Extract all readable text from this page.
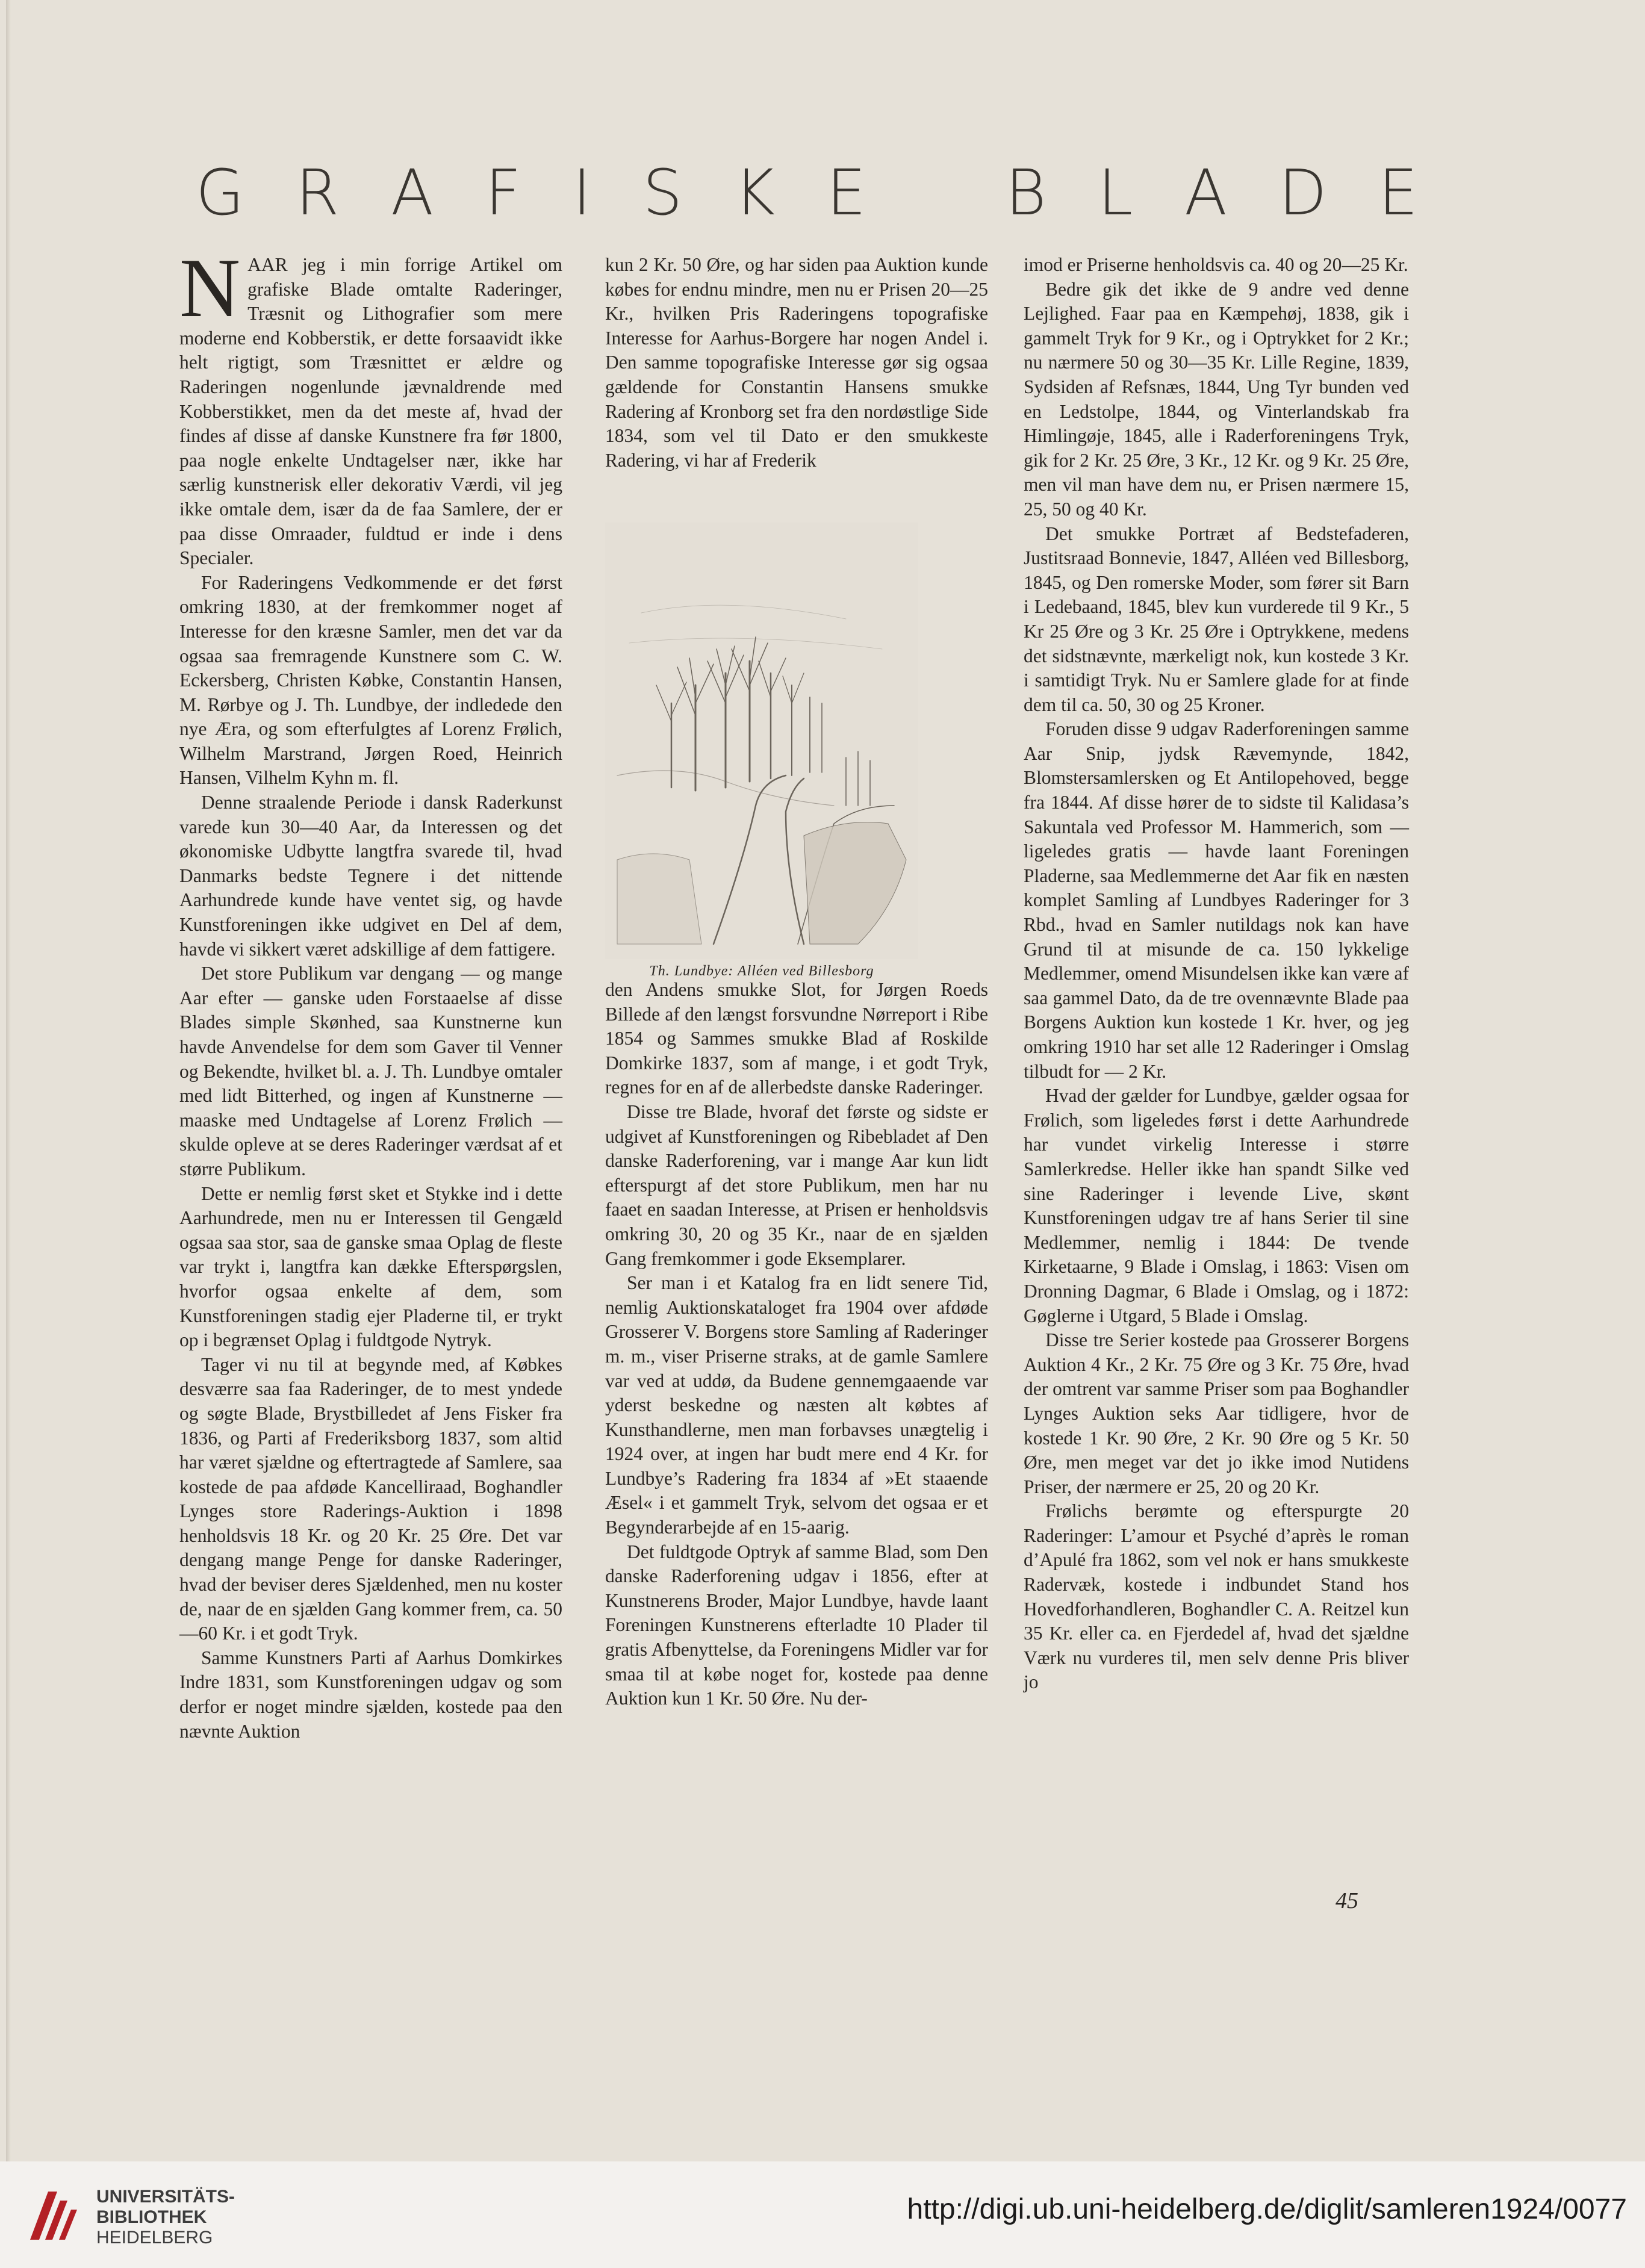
G R A F I S K E B L A D E
N AAR jeg i min forrige Artikel om grafiske Blade omtalte Raderinger, Træsnit og Lithografier som mere moderne end Kobberstik, er dette forsaavidt ikke helt rigtigt, som Træsnittet er ældre og Raderingen nogenlunde jævnaldrende med Kobberstikket, men da det meste af, hvad der findes af disse af danske Kunstnere fra før 1800, paa nogle enkelte Undtagelser nær, ikke har særlig kunstnerisk eller dekorativ Værdi, vil jeg ikke omtale dem, især da de faa Samlere, der er paa disse Omraader, fuldtud er inde i dens Specialer.

For Raderingens Vedkommende er det først omkring 1830, at der fremkommer noget af Interesse for den kræsne Samler, men det var da ogsaa saa fremragende Kunstnere som C. W. Eckersberg, Christen Købke, Constantin Hansen, M. Rørbye og J. Th. Lundbye, der indledede den nye Æra, og som efterfulgtes af Lorenz Frølich, Wilhelm Marstrand, Jørgen Roed, Heinrich Hansen, Vilhelm Kyhn m. fl.

Denne straalende Periode i dansk Raderkunst varede kun 30—40 Aar, da Interessen og det økonomiske Udbytte langtfra svarede til, hvad Danmarks bedste Tegnere i det nittende Aarhundrede kunde have ventet sig, og havde Kunstforeningen ikke udgivet en Del af dem, havde vi sikkert været adskillige af dem fattigere.

Det store Publikum var dengang — og mange Aar efter — ganske uden Forstaaelse af disse Blades simple Skønhed, saa Kunstnerne kun havde Anvendelse for dem som Gaver til Venner og Bekendte, hvilket bl. a. J. Th. Lundbye omtaler med lidt Bitterhed, og ingen af Kunstnerne — maaske med Undtagelse af Lorenz Frølich — skulde opleve at se deres Raderinger værdsat af et større Publikum.

Dette er nemlig først sket et Stykke ind i dette Aarhundrede, men nu er Interessen til Gengæld ogsaa saa stor, saa de ganske smaa Oplag de fleste var trykt i, langtfra kan dække Efterspørgslen, hvorfor ogsaa enkelte af dem, som Kunstforeningen stadig ejer Pladerne til, er trykt op i begrænset Oplag i fuldtgode Nytryk.

Tager vi nu til at begynde med, af Købkes desværre saa faa Raderinger, de to mest yndede og søgte Blade, Brystbilledet af Jens Fisker fra 1836, og Parti af Frederiksborg 1837, som altid har været sjældne og eftertragtede af Samlere, saa kostede de paa afdøde Kancelliraad, Boghandler Lynges store Raderings-Auktion i 1898 henholdsvis 18 Kr. og 20 Kr. 25 Øre. Det var dengang mange Penge for danske Raderinger, hvad der beviser deres Sjældenhed, men nu koster de, naar de en sjælden Gang kommer frem, ca. 50—60 Kr. i et godt Tryk.

Samme Kunstners Parti af Aarhus Domkirkes Indre 1831, som Kunstforeningen udgav og som derfor er noget mindre sjælden, kostede paa den nævnte Auktion

kun 2 Kr. 50 Øre, og har siden paa Auktion kunde købes for endnu mindre, men nu er Prisen 20—25 Kr., hvilken Pris Raderingens topografiske Interesse for Aarhus-Borgere har nogen Andel i. Den samme topografiske Interesse gør sig ogsaa gældende for Constantin Hansens smukke Radering af Kronborg set fra den nordøstlige Side 1834, som vel til Dato er den smukkeste Radering, vi har af Frederik

Th. Lundbye: Alléen ved Billesborg

den Andens smukke Slot, for Jørgen Roeds Billede af den længst forsvundne Nørreport i Ribe 1854 og Sammes smukke Blad af Roskilde Domkirke 1837, som af mange, i et godt Tryk, regnes for en af de allerbedste danske Raderinger.

Disse tre Blade, hvoraf det første og sidste er udgivet af Kunstforeningen og Ribebladet af Den danske Raderforening, var i mange Aar kun lidt efterspurgt af det store Publikum, men har nu faaet en saadan Interesse, at Prisen er henholdsvis omkring 30, 20 og 35 Kr., naar de en sjælden Gang fremkommer i gode Eksemplarer.

Ser man i et Katalog fra en lidt senere Tid, nemlig Auktionskataloget fra 1904 over afdøde Grosserer V. Borgens store Samling af Raderinger m. m., viser Priserne straks, at de gamle Samlere var ved at uddø, da Budene gennemgaaende var yderst beskedne og næsten alt købtes af Kunsthandlerne, men man forbavses unægtelig i 1924 over, at ingen har budt mere end 4 Kr. for Lundbye’s Radering fra 1834 af »Et staaende Æsel« i et gammelt Tryk, selvom det ogsaa er et Begynderarbejde af en 15-aarig.

Det fuldtgode Optryk af samme Blad, som Den danske Raderforening udgav i 1856, efter at Kunstnerens Broder, Major Lundbye, havde laant Foreningen Kunstnerens efterladte 10 Plader til gratis Afbenyttelse, da Foreningens Midler var for smaa til at købe noget for, kostede paa denne Auktion kun 1 Kr. 50 Øre. Nu der-

imod er Priserne henholdsvis ca. 40 og 20—25 Kr.

Bedre gik det ikke de 9 andre ved denne Lejlighed. Faar paa en Kæmpehøj, 1838, gik i gammelt Tryk for 9 Kr., og i Optrykket for 2 Kr.; nu nærmere 50 og 30—35 Kr. Lille Regine, 1839, Sydsiden af Refsnæs, 1844, Ung Tyr bunden ved en Ledstolpe, 1844, og Vinterlandskab fra Himlingøje, 1845, alle i Raderforeningens Tryk, gik for 2 Kr. 25 Øre, 3 Kr., 12 Kr. og 9 Kr. 25 Øre, men vil man have dem nu, er Prisen nærmere 15, 25, 50 og 40 Kr.

Det smukke Portræt af Bedstefaderen, Justitsraad Bonnevie, 1847, Alléen ved Billesborg, 1845, og Den romerske Moder, som fører sit Barn i Ledebaand, 1845, blev kun vurderede til 9 Kr., 5 Kr 25 Øre og 3 Kr. 25 Øre i Optrykkene, medens det sidstnævnte, mærkeligt nok, kun kostede 3 Kr. i samtidigt Tryk. Nu er Samlere glade for at finde dem til ca. 50, 30 og 25 Kroner.

Foruden disse 9 udgav Raderforeningen samme Aar Snip, jydsk Rævemynde, 1842, Blomstersamlersken og Et Antilopehoved, begge fra 1844. Af disse hører de to sidste til Kalidasa’s Sakuntala ved Professor M. Hammerich, som — ligeledes gratis — havde laant Foreningen Pladerne, saa Medlemmerne det Aar fik en næsten komplet Samling af Lundbyes Raderinger for 3 Rbd., hvad en Samler nutildags nok kan have Grund til at misunde de ca. 150 lykkelige Medlemmer, omend Misundelsen ikke kan være af saa gammel Dato, da de tre ovennævnte Blade paa Borgens Auktion kun kostede 1 Kr. hver, og jeg omkring 1910 har set alle 12 Raderinger i Omslag tilbudt for — 2 Kr.

Hvad der gælder for Lundbye, gælder ogsaa for Frølich, som ligeledes først i dette Aarhundrede har vundet virkelig Interesse i større Samlerkredse. Heller ikke han spandt Silke ved sine Raderinger i levende Live, skønt Kunstforeningen udgav tre af hans Serier til sine Medlemmer, nemlig i 1844: De tvende Kirketaarne, 9 Blade i Omslag, i 1863: Visen om Dronning Dagmar, 6 Blade i Omslag, og i 1872: Gøglerne i Utgard, 5 Blade i Omslag.

Disse tre Serier kostede paa Grosserer Borgens Auktion 4 Kr., 2 Kr. 75 Øre og 3 Kr. 75 Øre, hvad der omtrent var samme Priser som paa Boghandler Lynges Auktion seks Aar tidligere, hvor de kostede 1 Kr. 90 Øre, 2 Kr. 90 Øre og 5 Kr. 50 Øre, men meget var det jo ikke imod Nutidens Priser, der nærmere er 25, 20 og 20 Kr.

Frølichs berømte og efterspurgte 20 Raderinger: L’amour et Psyché d’après le roman d’Apulé fra 1862, som vel nok er hans smukkeste Radervæk, kostede i indbundet Stand hos Hovedforhandleren, Boghandler C. A. Reitzel kun 35 Kr. eller ca. en Fjerdedel af, hvad det sjældne Værk nu vurderes til, men selv denne Pris bliver jo

45
UNIVERSITÄTS-
BIBLIOTHEK
HEIDELBERG
http://digi.ub.uni-heidelberg.de/diglit/samleren1924/0077
